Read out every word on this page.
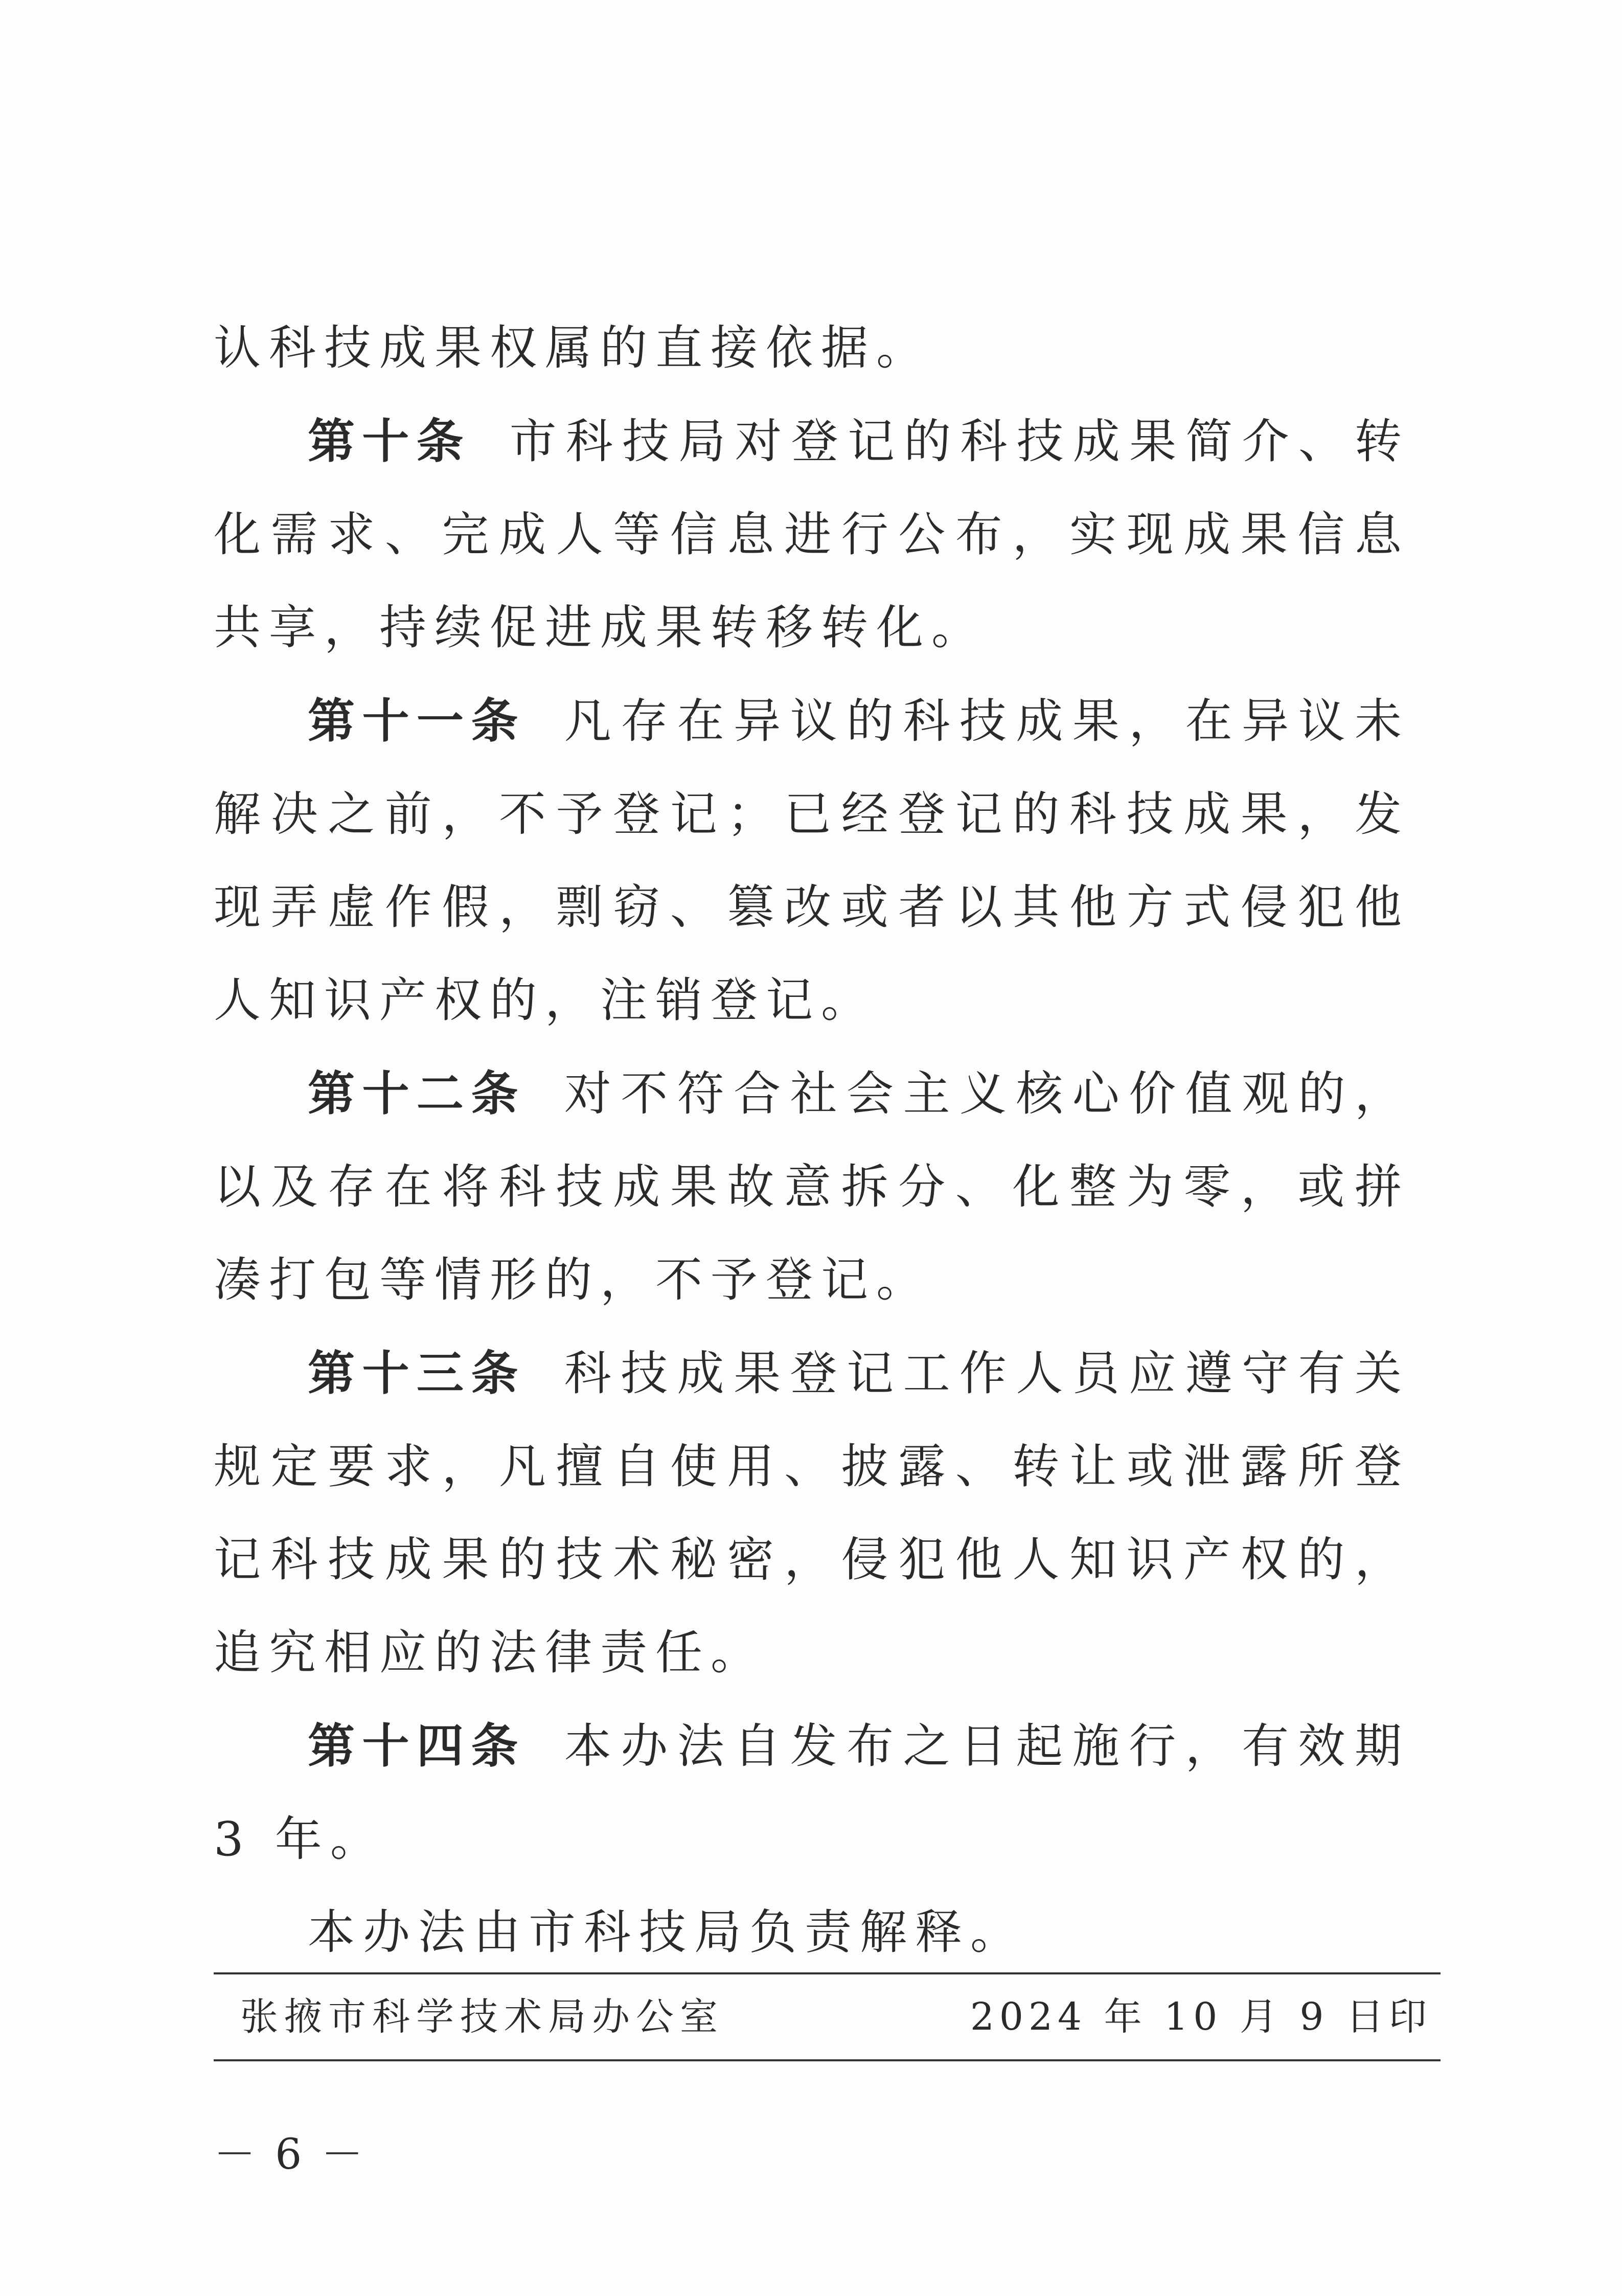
认科技成果权属的直接依据。

第十条 市科技局对登记的科技成果简介、转化需求、完成人等信息进行公布，实现成果信息共享，持续促进成果转移转化。

第十一条 凡存在异议的科技成果，在异议未解决之前，不予登记；已经登记的科技成果，发现弄虚作假，剽窃、篡改或者以其他方式侵犯他人知识产权的，注销登记。

第十二条 对不符合社会主义核心价值观的，以及存在将科技成果故意拆分、化整为零，或拼凑打包等情形的，不予登记。

第十三条 科技成果登记工作人员应遵守有关规定要求，凡擅自使用、披露、转让或泄露所登记科技成果的技术秘密，侵犯他人知识产权的，追究相应的法律责任。

第十四条 本办法自发布之日起施行，有效期 3 年。

本办法由市科技局负责解释。

张掖市科学技术局办公室	2024 年 10 月 9 日印
－ 6 －
